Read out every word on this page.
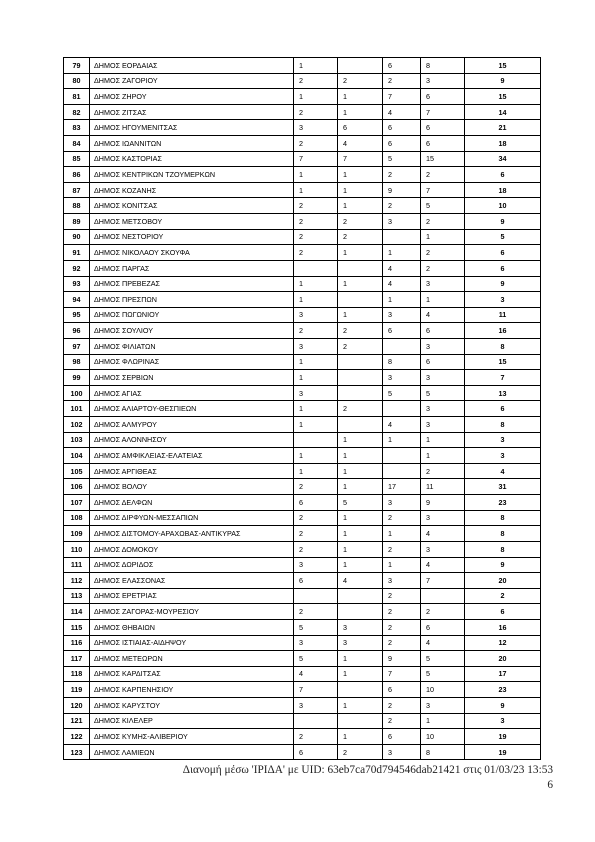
79	ΔΗΜΟΣ ΕΟΡΔΑΙΑΣ	1		6	8	15
80	ΔΗΜΟΣ ΖΑΓΟΡΙΟΥ	2	2	2	3	9
81	ΔΗΜΟΣ ΖΗΡΟΥ	1	1	7	6	15
82	ΔΗΜΟΣ ΖΙΤΣΑΣ	2	1	4	7	14
83	ΔΗΜΟΣ ΗΓΟΥΜΕΝΙΤΣΑΣ	3	6	6	6	21
84	ΔΗΜΟΣ ΙΩΑΝΝΙΤΩΝ	2	4	6	6	18
85	ΔΗΜΟΣ ΚΑΣΤΟΡΙΑΣ	7	7	5	15	34
86	ΔΗΜΟΣ ΚΕΝΤΡΙΚΩΝ ΤΖΟΥΜΕΡΚΩΝ	1	1	2	2	6
87	ΔΗΜΟΣ ΚΟΖΑΝΗΣ	1	1	9	7	18
88	ΔΗΜΟΣ ΚΟΝΙΤΣΑΣ	2	1	2	5	10
89	ΔΗΜΟΣ ΜΕΤΣΟΒΟΥ	2	2	3	2	9
90	ΔΗΜΟΣ ΝΕΣΤΟΡΙΟΥ	2	2		1	5
91	ΔΗΜΟΣ ΝΙΚΟΛΑΟΥ ΣΚΟΥΦΑ	2	1	1	2	6
92	ΔΗΜΟΣ ΠΑΡΓΑΣ			4	2	6
93	ΔΗΜΟΣ ΠΡΕΒΕΖΑΣ	1	1	4	3	9
94	ΔΗΜΟΣ ΠΡΕΣΠΩΝ	1		1	1	3
95	ΔΗΜΟΣ ΠΩΓΩΝΙΟΥ	3	1	3	4	11
96	ΔΗΜΟΣ ΣΟΥΛΙΟΥ	2	2	6	6	16
97	ΔΗΜΟΣ ΦΙΛΙΑΤΩΝ	3	2		3	8
98	ΔΗΜΟΣ ΦΛΩΡΙΝΑΣ	1		8	6	15
99	ΔΗΜΟΣ ΣΕΡΒΙΩΝ	1		3	3	7
100	ΔΗΜΟΣ ΑΓΙΑΣ	3		5	5	13
101	ΔΗΜΟΣ ΑΛΙΑΡΤΟΥ-ΘΕΣΠΙΕΩΝ	1	2		3	6
102	ΔΗΜΟΣ ΑΛΜΥΡΟΥ	1		4	3	8
103	ΔΗΜΟΣ ΑΛΟΝΝΗΣΟΥ		1	1	1	3
104	ΔΗΜΟΣ ΑΜΦΙΚΛΕΙΑΣ-ΕΛΑΤΕΙΑΣ	1	1		1	3
105	ΔΗΜΟΣ ΑΡΓΙΘΕΑΣ	1	1		2	4
106	ΔΗΜΟΣ ΒΟΛΟΥ	2	1	17	11	31
107	ΔΗΜΟΣ ΔΕΛΦΩΝ	6	5	3	9	23
108	ΔΗΜΟΣ ΔΙΡΦΥΩΝ-ΜΕΣΣΑΠΙΩΝ	2	1	2	3	8
109	ΔΗΜΟΣ ΔΙΣΤΟΜΟΥ-ΑΡΑΧΩΒΑΣ-ΑΝΤΙΚΥΡΑΣ	2	1	1	4	8
110	ΔΗΜΟΣ ΔΟΜΟΚΟΥ	2	1	2	3	8
111	ΔΗΜΟΣ ΔΩΡΙΔΟΣ	3	1	1	4	9
112	ΔΗΜΟΣ ΕΛΑΣΣΟΝΑΣ	6	4	3	7	20
113	ΔΗΜΟΣ ΕΡΕΤΡΙΑΣ			2		2
114	ΔΗΜΟΣ ΖΑΓΟΡΑΣ-ΜΟΥΡΕΣΙΟΥ	2		2	2	6
115	ΔΗΜΟΣ ΘΗΒΑΙΩΝ	5	3	2	6	16
116	ΔΗΜΟΣ ΙΣΤΙΑΙΑΣ-ΑΙΔΗΨΟΥ	3	3	2	4	12
117	ΔΗΜΟΣ ΜΕΤΕΩΡΩΝ	5	1	9	5	20
118	ΔΗΜΟΣ ΚΑΡΔΙΤΣΑΣ	4	1	7	5	17
119	ΔΗΜΟΣ ΚΑΡΠΕΝΗΣΙΟΥ	7		6	10	23
120	ΔΗΜΟΣ ΚΑΡΥΣΤΟΥ	3	1	2	3	9
121	ΔΗΜΟΣ ΚΙΛΕΛΕΡ			2	1	3
122	ΔΗΜΟΣ ΚΥΜΗΣ-ΑΛΙΒΕΡΙΟΥ	2	1	6	10	19
123	ΔΗΜΟΣ ΛΑΜΙΕΩΝ	6	2	3	8	19
Διανομή μέσω 'ΙΡΙΔΑ' με UID: 63eb7ca70d794546dab21421 στις 01/03/23 13:53
6
